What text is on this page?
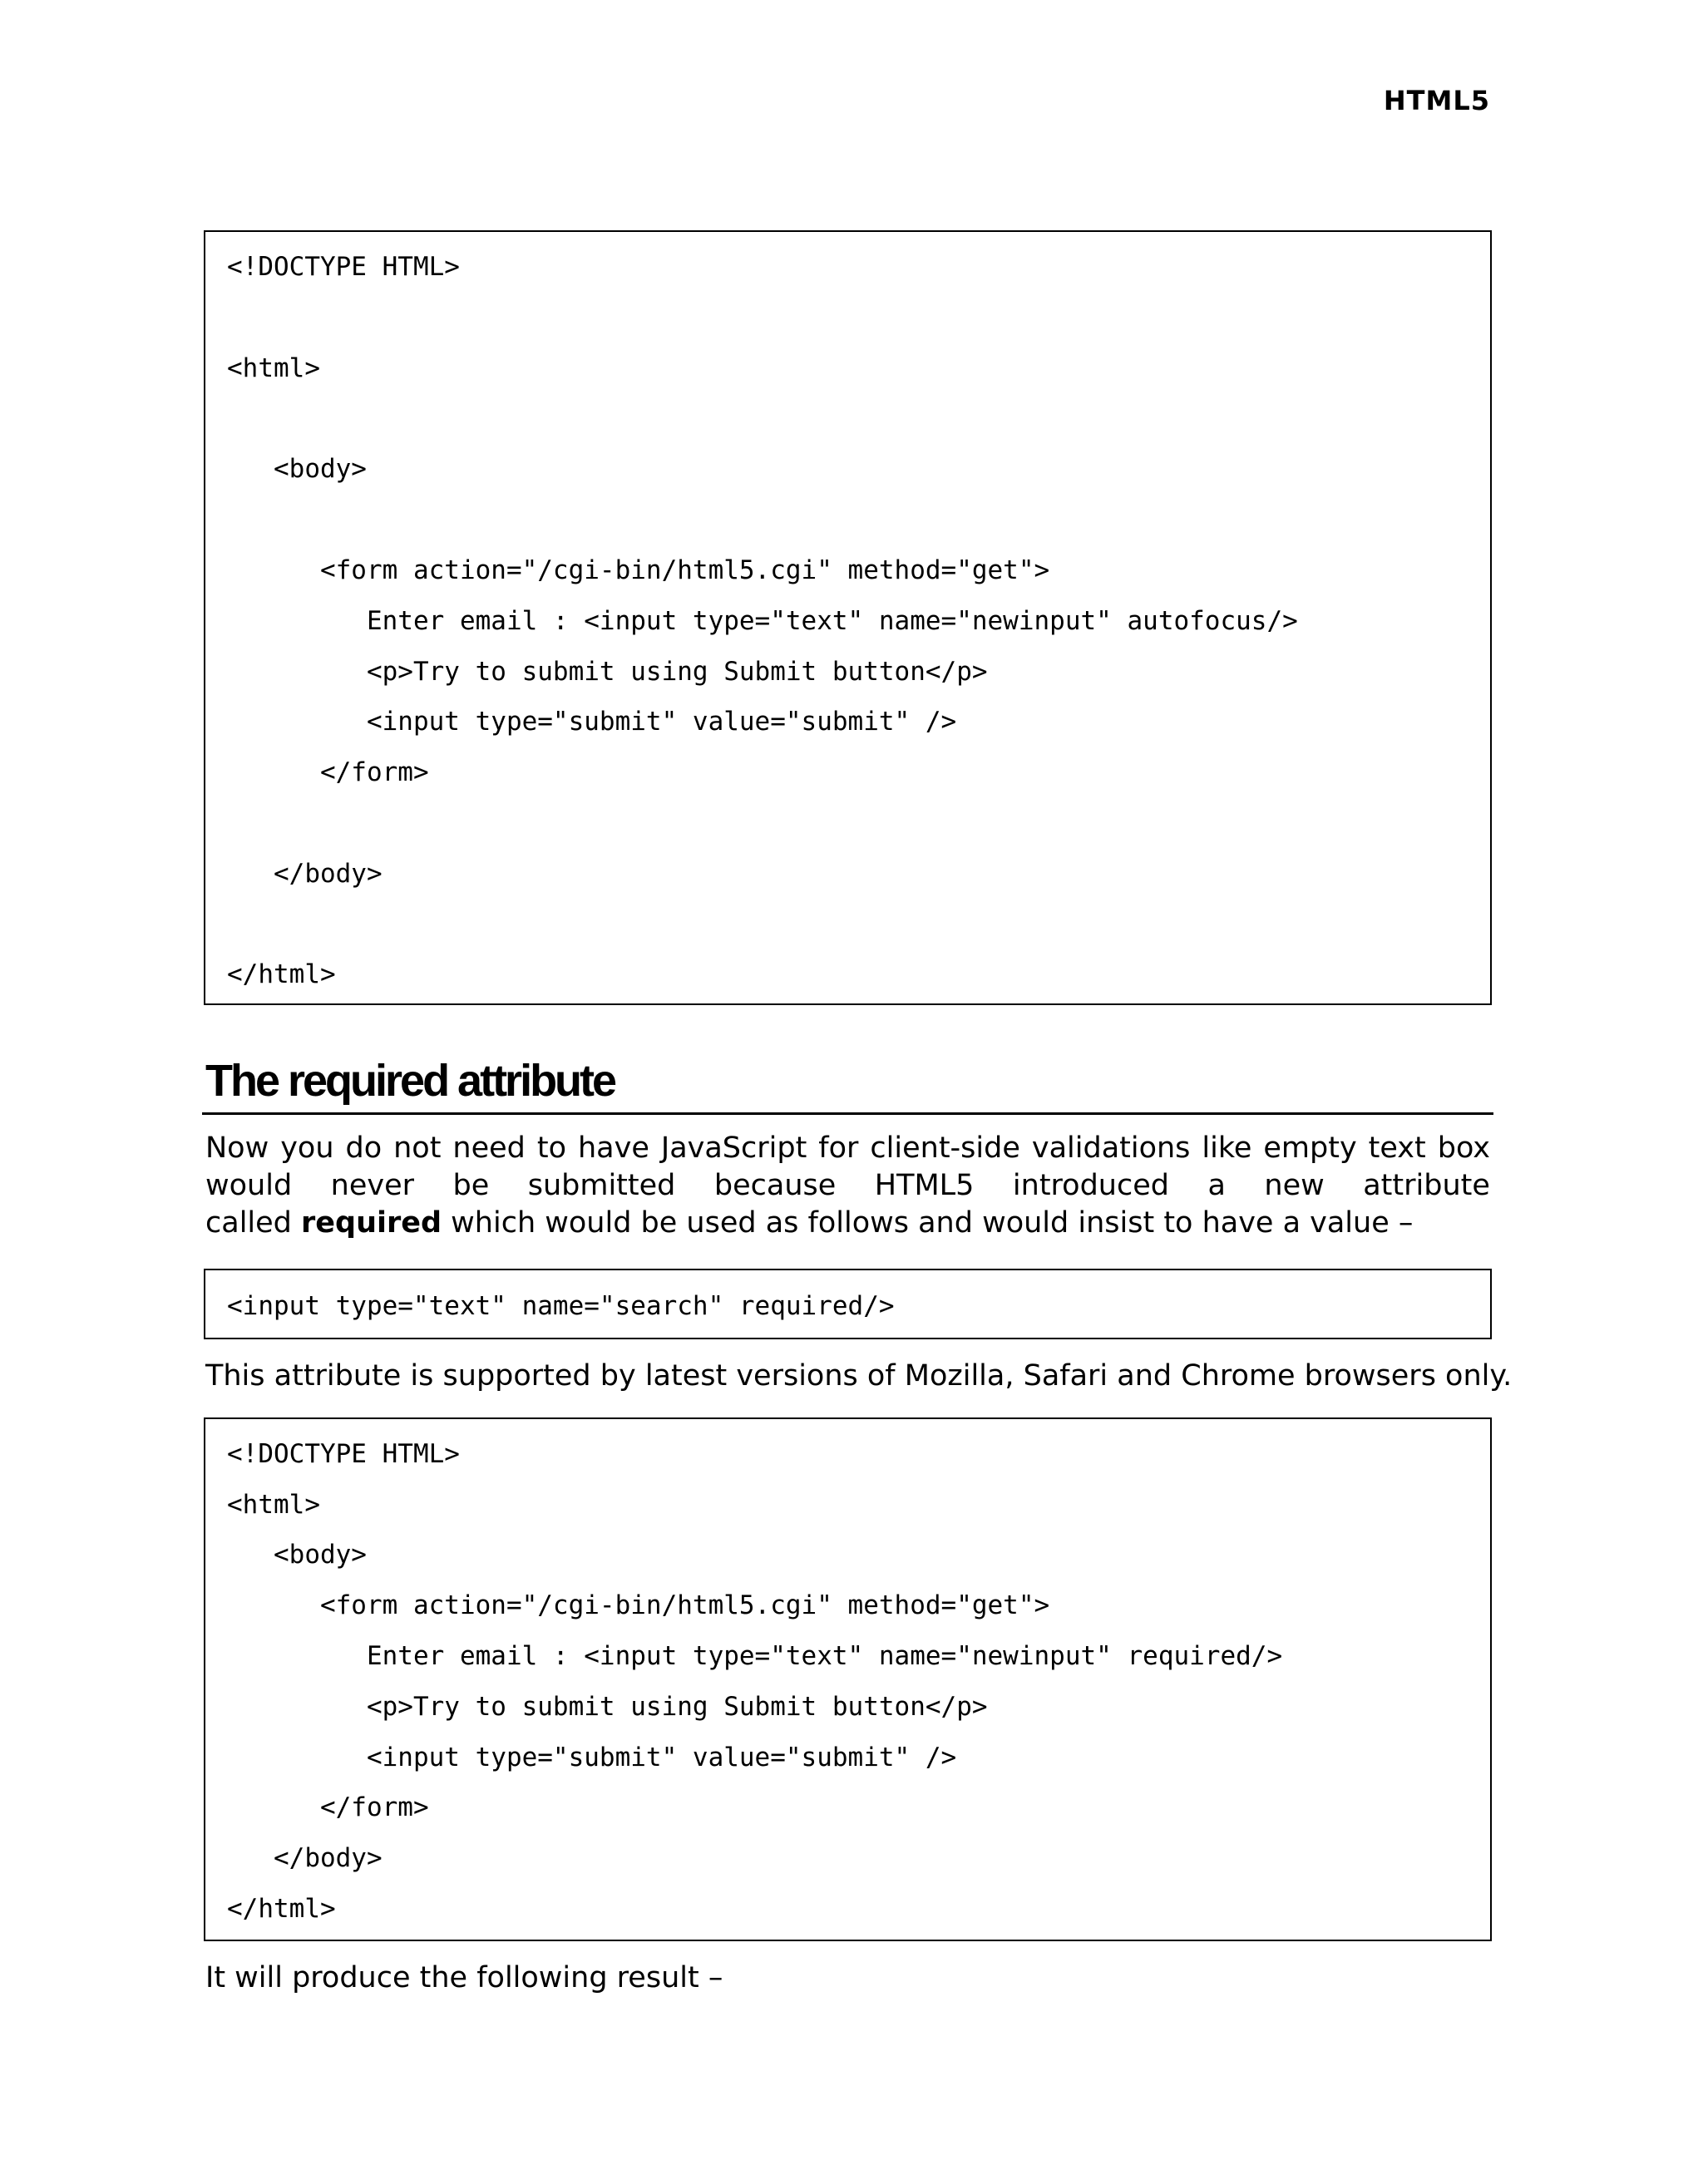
HTML5
<!DOCTYPE HTML>
<html>
<body>
<form action="/cgi-bin/html5.cgi" method="get">
Enter email : <input type="text" name="newinput" autofocus/>
<p>Try to submit using Submit button</p>
<input type="submit" value="submit" />
</form>
</body>
</html>
The required attribute
Now you do not need to have JavaScript for client-side validations like empty text box
would never be submitted because HTML5 introduced a new attribute
called required which would be used as follows and would insist to have a value –
<input type="text" name="search" required/>
This attribute is supported by latest versions of Mozilla, Safari and Chrome browsers only.
<!DOCTYPE HTML>
<html>
<body>
<form action="/cgi-bin/html5.cgi" method="get">
Enter email : <input type="text" name="newinput" required/>
<p>Try to submit using Submit button</p>
<input type="submit" value="submit" />
</form>
</body>
</html>
It will produce the following result –
